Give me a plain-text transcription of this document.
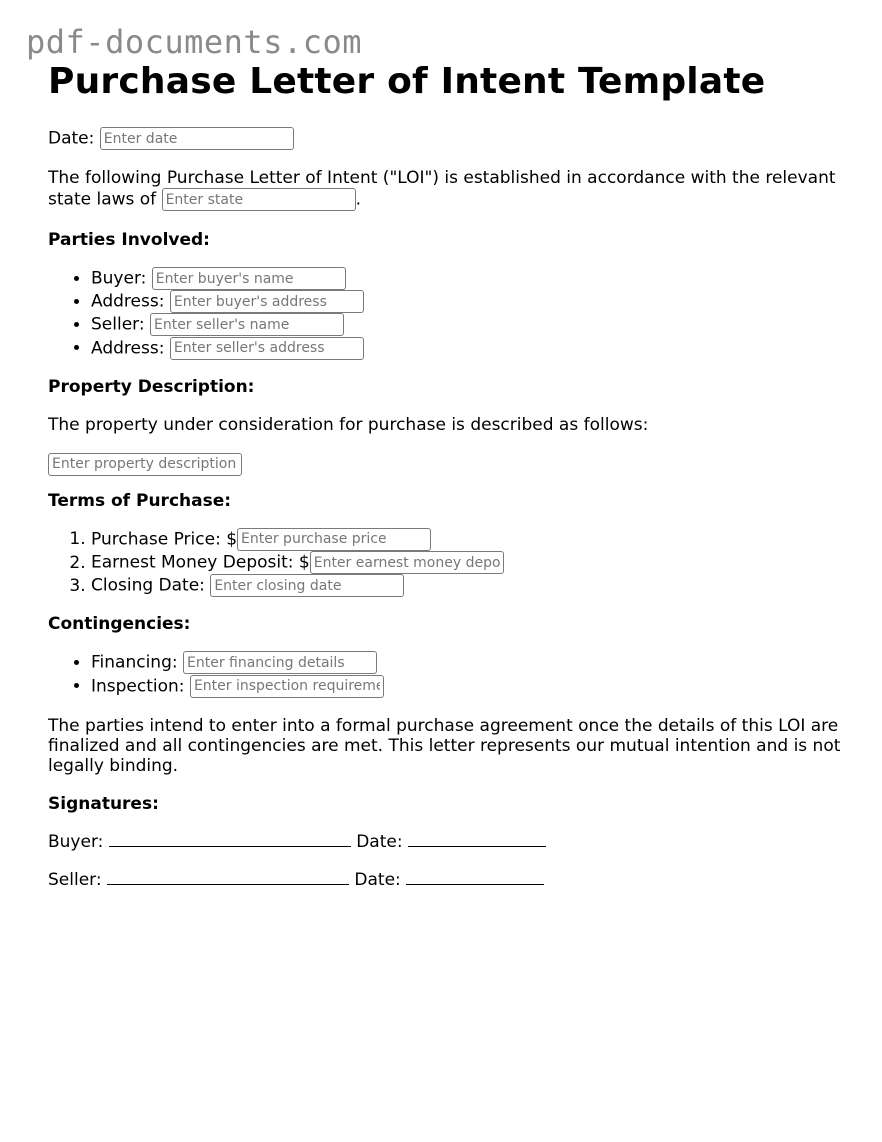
pdf-documents.com
Purchase Letter of Intent Template

Date: Enter date

The following Purchase Letter of Intent ("LOI") is established in accordance with the relevant state laws of Enter state	.

Parties Involved:

• Buyer: Enter buyer's name
• Address: Enter buyer's address
• Seller: Enter seller's name
• Address: Enter seller's address

Property Description:

The property under consideration for purchase is described as follows:

Enter property description

Terms of Purchase:

1. Purchase Price: $Enter purchase price
2. Earnest Money Deposit: $Enter earnest money deposit
3. Closing Date: Enter closing date

Contingencies:

• Financing: Enter financing details
• Inspection: Enter inspection requirements

The parties intend to enter into a formal purchase agreement once the details of this LOI are finalized and all contingencies are met. This letter represents our mutual intention and is not legally binding.

Signatures:

Buyer:	Date:

Seller:	Date:
